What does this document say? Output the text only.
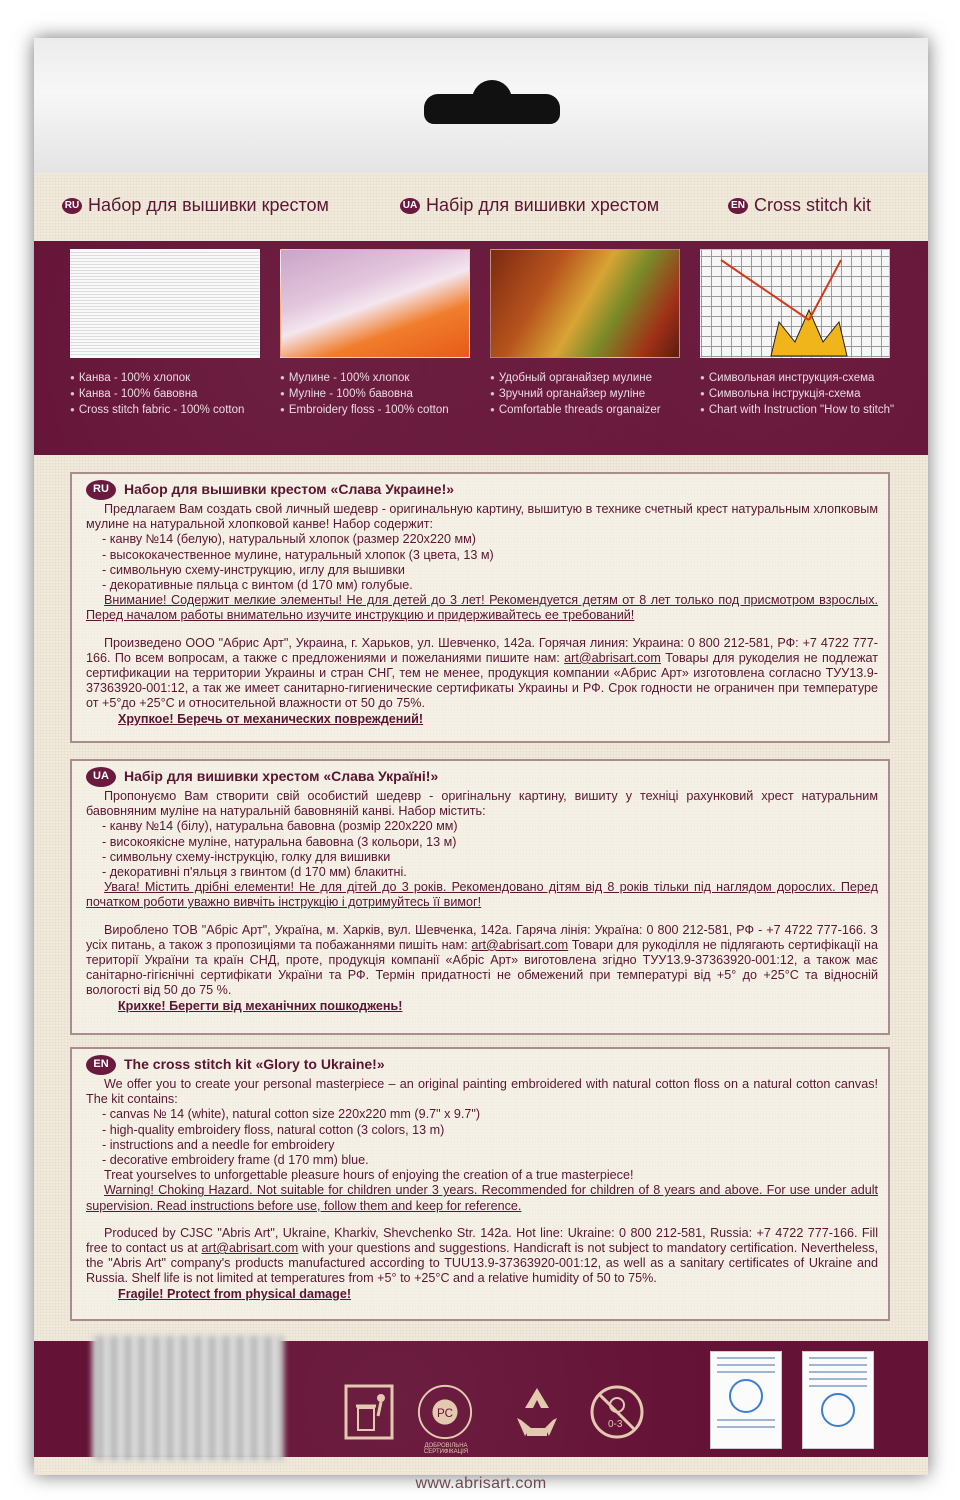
RU Набор для вышивки крестом	UA Набір для вишивки хрестом	EN Cross stitch kit
● Канва - 100% хлопок
● Канва - 100% бавовна
● Cross stitch fabric - 100% cotton
● Мулине - 100% хлопок
● Муліне - 100% бавовна
● Embroidery floss - 100% cotton
● Удобный органайзер мулине
● Зручний органайзер муліне
● Comfortable threads organaizer
● Символьная инструкция-схема
● Символьна інструкція-схема
● Chart with Instruction "How to stitch"
RU	Набор для вышивки крестом «Слава Украине!»

Предлагаем Вам создать свой личный шедевр - оригинальную картину, вышитую в технике счетный крест натуральным хлопковым мулине на натуральной хлопковой канве! Набор содержит:

- канву №14 (белую), натуральный хлопок (размер 220х220 мм)
- высококачественное мулине, натуральный хлопок (3 цвета, 13 м)
- символьную схему-инструкцию, иглу для вышивки
- декоративные пяльца с винтом (d 170 мм) голубые.

Внимание! Содержит мелкие элементы! Не для детей до 3 лет! Рекомендуется детям от 8 лет только под присмотром взрослых. Перед началом работы внимательно изучите инструкцию и придерживайтесь ее требований!

Произведено ООО "Абрис Арт", Украина, г. Харьков, ул. Шевченко, 142а. Горячая линия: Украина: 0 800 212-581, РФ: +7 4722 777-166. По всем вопросам, а также с предложениями и пожеланиями пишите нам: art@abrisart.com Товары для рукоделия не подлежат сертификации на территории Украины и стран СНГ, тем не менее, продукция компании «Абрис Арт» изготовлена согласно ТУУ13.9-37363920-001:12, а так же имеет санитарно-гигиенические сертификаты Украины и РФ. Срок годности не ограничен при температуре от +5°до +25°С и относительной влажности от 50 до 75%.

Хрупкое! Беречь от механических повреждений!

UA	Набір для вишивки хрестом «Слава Україні!»

Пропонуємо Вам створити свій особистий шедевр - оригінальну картину, вишиту у техніці рахунковий хрест натуральним бавовняним муліне на натуральній бавовняній канві. Набор містить:

- канву №14 (білу), натуральна бавовна (розмір 220х220 мм)
- високоякісне муліне, натуральна бавовна (3 кольори, 13 м)
- символьну схему-інструкцію, голку для вишивки
- декоративні п'яльця з гвинтом (d 170 мм) блакитні.

Увага! Містить дрібні елементи! Не для дітей до 3 років. Рекомендовано дітям від 8 років тільки під наглядом дорослих. Перед початком роботи уважно вивчіть інструкцію і дотримуйтесь її вимог!

Вироблено ТОВ "Абріс Арт", Україна, м. Харків, вул. Шевченка, 142а. Гаряча лінія: Україна: 0 800 212-581, РФ - +7 4722 777-166. З усіх питань, а також з пропозиціями та побажаннями пишіть нам: art@abrisart.com Товари для рукоділля не підлягають сертифікації на території України та країн СНД, проте, продукція компанії «Абріс Арт» виготовлена згідно ТУУ13.9-37363920-001:12, а також має санітарно-гігієнічні сертифікати України та РФ. Термін придатності не обмежений при температурі від +5° до +25°С та відносній вологості від 50 до 75 %.

Крихке! Берегти від механічних пошкоджень!

EN	The cross stitch kit «Glory to Ukraine!»

We offer you to create your personal masterpiece – an original painting embroidered with natural cotton floss on a natural cotton canvas! The kit contains:

- canvas № 14 (white), natural cotton size 220x220 mm (9.7" x 9.7")
- high-quality embroidery floss, natural cotton (3 colors, 13 m)
- instructions and a needle for embroidery
- decorative embroidery frame (d 170 mm) blue.

Treat yourselves to unforgettable pleasure hours of enjoying the creation of a true masterpiece!

Warning! Choking Hazard. Not suitable for children under 3 years. Recommended for children of 8 years and above. For use under adult supervision. Read instructions before use, follow them and keep for reference.

Produced by CJSC "Abris Art", Ukraine, Kharkiv, Shevchenko Str. 142a. Hot line: Ukraine: 0 800 212-581, Russia: +7 4722 777-166. Fill free to contact us at art@abrisart.com with your questions and suggestions. Handicraft is not subject to mandatory certification. Nevertheless, the "Abris Art" company's products manufactured according to TUU13.9-37363920-001:12, as well as a sanitary certificates of Ukraine and Russia. Shelf life is not limited at temperatures from +5° to +25°C and a relative humidity of 50 to 75%.

Fragile! Protect from physical damage!

PC
ДОБРОВІЛЬНА СЕРТИФІКАЦІЯ
0-3
www.abrisart.com
